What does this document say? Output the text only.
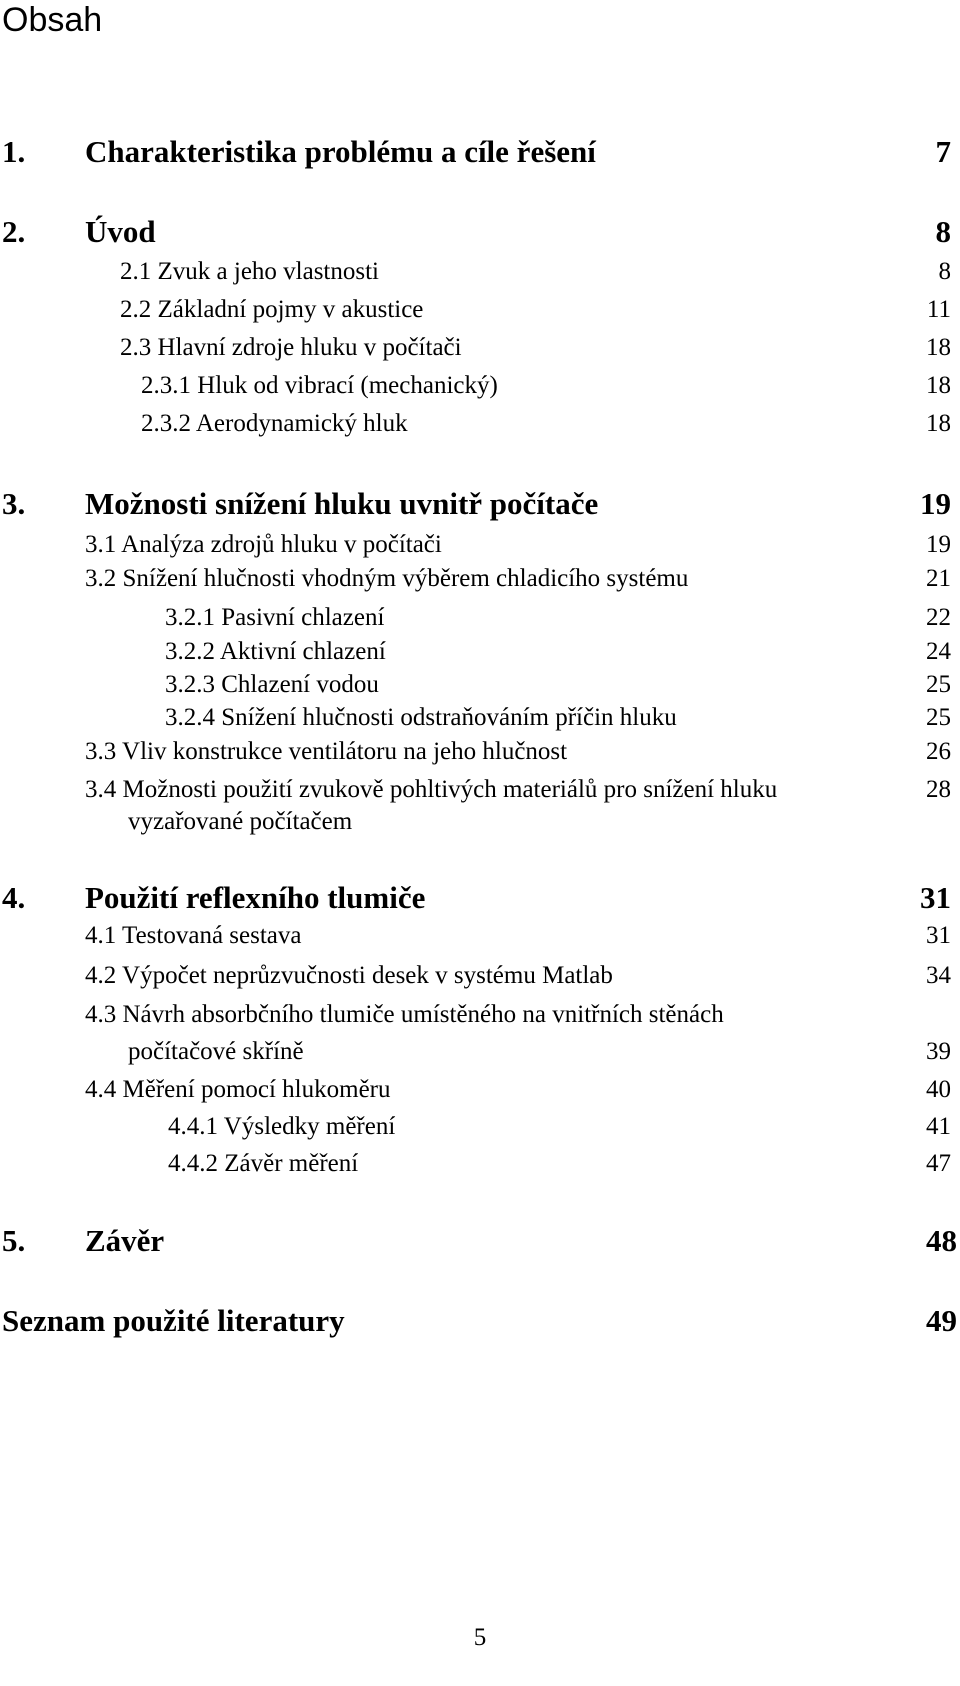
Obsah
1. Charakteristika problému a cíle řešení	7
2. Úvod	8
2.1 Zvuk a jeho vlastnosti	8
2.2 Základní pojmy v akustice	11
2.3 Hlavní zdroje hluku v počítači	18
2.3.1 Hluk od vibrací (mechanický)	18
2.3.2 Aerodynamický hluk	18
3. Možnosti snížení hluku uvnitř počítače	19
3.1 Analýza zdrojů hluku v počítači	19
3.2 Snížení hlučnosti vhodným výběrem chladicího systému	21
3.2.1 Pasivní chlazení	22
3.2.2 Aktivní chlazení	24
3.2.3 Chlazení vodou	25
3.2.4 Snížení hlučnosti odstraňováním příčin hluku	25
3.3 Vliv konstrukce ventilátoru na jeho hlučnost	26
3.4 Možnosti použití zvukově pohltivých materiálů pro snížení hluku	28
vyzařované počítačem
4. Použití reflexního tlumiče	31
4.1 Testovaná sestava	31
4.2 Výpočet neprůzvučnosti desek v systému Matlab	34
4.3 Návrh absorbčního tlumiče umístěného na vnitřních stěnách
počítačové skříně	39
4.4 Měření pomocí hlukoměru	40
4.4.1 Výsledky měření	41
4.4.2 Závěr měření	47
5. Závěr	48
Seznam použité literatury	49
5
